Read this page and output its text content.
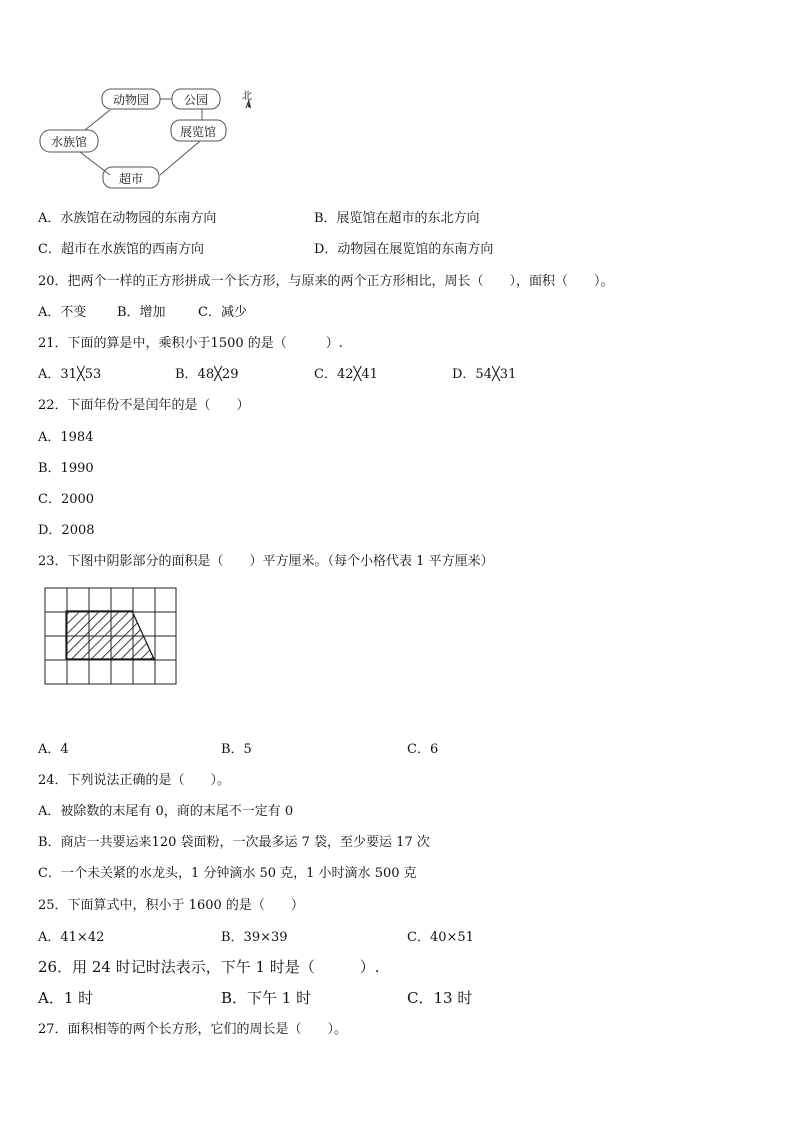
动物园	公园
展览馆
水族馆
超市
北
A．水族馆在动物园的东南方向	B．展览馆在超市的东北方向
C．超市在水族馆的西南方向	D．动物园在展览馆的东南方向
20．把两个一样的正方形拼成一个长方形，与原来的两个正方形相比，周长（　　），面积（　　）。
A．不变 B．增加 C．减少
21．下面的算是中，乘积小于1500 的是（　　　）.
A．31╳53	B．48╳29	C．42╳41	D．54╳31
22．下面年份不是闰年的是（　　）
A．1984
B．1990
C．2000
D．2008
23．下图中阴影部分的面积是（　　）平方厘米。（每个小格代表 1 平方厘米）
A．4	B．5	C．6
24．下列说法正确的是（　　）。
A．被除数的末尾有 0，商的末尾不一定有 0
B．商店一共要运来120 袋面粉，一次最多运 7 袋，至少要运 17 次
C．一个未关紧的水龙头，1 分钟滴水 50 克，1 小时滴水 500 克
25．下面算式中，积小于 1600 的是（　　）
A．41×42	B．39×39	C．40×51
26．用 24 时记时法表示，下午 1 时是（　　　）.
A．1 时	B．下午 1 时	C．13 时
27．面积相等的两个长方形，它们的周长是（　　）。
